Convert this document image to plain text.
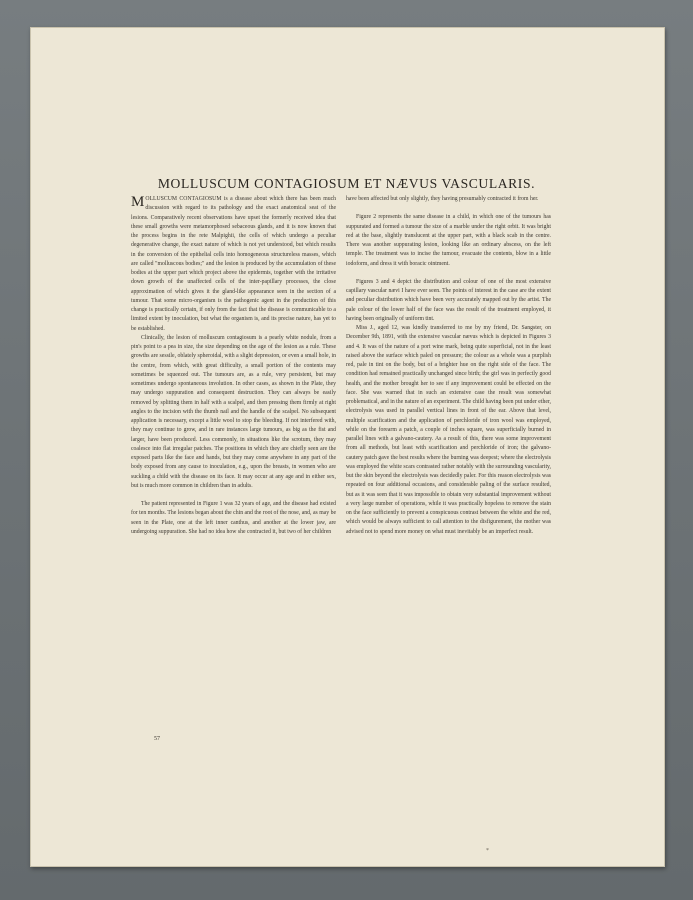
MOLLUSCUM CONTAGIOSUM ET NÆVUS VASCULARIS.

MOLLUSCUM CONTAGIOSUM is a disease about which there has been much discussion with regard to its pathology and the exact anatomical seat of the lesions. Comparatively recent observations have upset the formerly received idea that these small growths were metamorphosed sebaceous glands, and it is now known that the process begins in the rete Malpighii, the cells of which undergo a peculiar degenerative change, the exact nature of which is not yet understood, but which results in the conversion of the epithelial cells into homogeneous structureless masses, which are called "molluscous bodies;" and the lesion is produced by the accumulation of these bodies at the upper part which project above the epidermis, together with the irritative down growth of the unaffected cells of the inter-papillary processes, the close approximation of which gives it the gland-like appearance seen in the section of a tumour. That some micro-organism is the pathogenic agent in the production of this change is practically certain, if only from the fact that the disease is communicable to a limited extent by inoculation, but what the organism is, and its precise nature, has yet to be established.

Clinically, the lesion of molluscum contagiosum is a pearly white nodule, from a pin's point to a pea in size, the size depending on the age of the lesion as a rule. These growths are sessile, oblately spheroidal, with a slight depression, or even a small hole, in the centre, from which, with great difficulty, a small portion of the contents may sometimes be squeezed out. The tumours are, as a rule, very persistent, but may sometimes undergo spontaneous involution. In other cases, as shown in the Plate, they may undergo suppuration and consequent destruction. They can always be easily removed by splitting them in half with a scalpel, and then pressing them firmly at right angles to the incision with the thumb nail and the handle of the scalpel. No subsequent application is necessary, except a little wool to stop the bleeding. If not interfered with, they may continue to grow, and in rare instances large tumours, as big as the fist and larger, have been produced. Less commonly, in situations like the scrotum, they may coalesce into flat irregular patches. The positions in which they are chiefly seen are the exposed parts like the face and hands, but they may come anywhere in any part of the body exposed from any cause to inoculation, e.g., upon the breasts, in women who are suckling a child with the disease on its face. It may occur at any age and in either sex, but is much more common in children than in adults.

The patient represented in Figure 1 was 32 years of age, and the disease had existed for ten months. The lesions began about the chin and the root of the nose, and, as may be seen in the Plate, one at the left inner canthus, and another at the lower jaw, are undergoing suppuration. She had no idea how she contracted it, but two of her children

have been affected but only slightly, they having presumably contracted it from her.

Figure 2 represents the same disease in a child, in which one of the tumours has suppurated and formed a tumour the size of a marble under the right orbit. It was bright red at the base, slightly translucent at the upper part, with a black scab in the centre. There was another suppurating lesion, looking like an ordinary abscess, on the left temple. The treatment was to incise the tumour, evacuate the contents, blow in a little iodoform, and dress it with boracic ointment.

Figures 3 and 4 depict the distribution and colour of one of the most extensive capillary vascular nævi I have ever seen. The points of interest in the case are the extent and peculiar distribution which have been very accurately mapped out by the artist. The pale colour of the lower half of the face was the result of the treatment employed, it having been originally of uniform tint.

Miss J., aged 12, was kindly transferred to me by my friend, Dr. Sangster, on December 9th, 1891, with the extensive vascular nævus which is depicted in Figures 3 and 4. It was of the nature of a port wine mark, being quite superficial, not in the least raised above the surface which paled on pressure; the colour as a whole was a purplish red, pale in tint on the body, but of a brighter hue on the right side of the face. The condition had remained practically unchanged since birth; the girl was in perfectly good health, and the mother brought her to see if any improvement could be effected on the face. She was warned that in such an extensive case the result was somewhat problematical, and in the nature of an experiment. The child having been put under ether, electrolysis was used in parallel vertical lines in front of the ear. Above that level, multiple scarification and the application of perchloride of iron wool was employed, while on the forearm a patch, a couple of inches square, was superficially burned in parallel lines with a galvano-cautery. As a result of this, there was some improvement from all methods, but least with scarification and perchloride of iron; the galvano-cautery patch gave the best results where the burning was deepest; where the electrolysis was employed the white scars contrasted rather notably with the surrounding vascularity, but the skin beyond the electrolysis was decidedly paler. For this reason electrolysis was repeated on four additional occasions, and considerable paling of the surface resulted, but as it was seen that it was impossible to obtain very substantial improvement without a very large number of operations, while it was practically hopeless to remove the stain on the face sufficiently to prevent a conspicuous contrast between the white and the red, which would be always sufficient to call attention to the disfigurement, the mother was advised not to spend more money on what must inevitably be an imperfect result.

57
*
